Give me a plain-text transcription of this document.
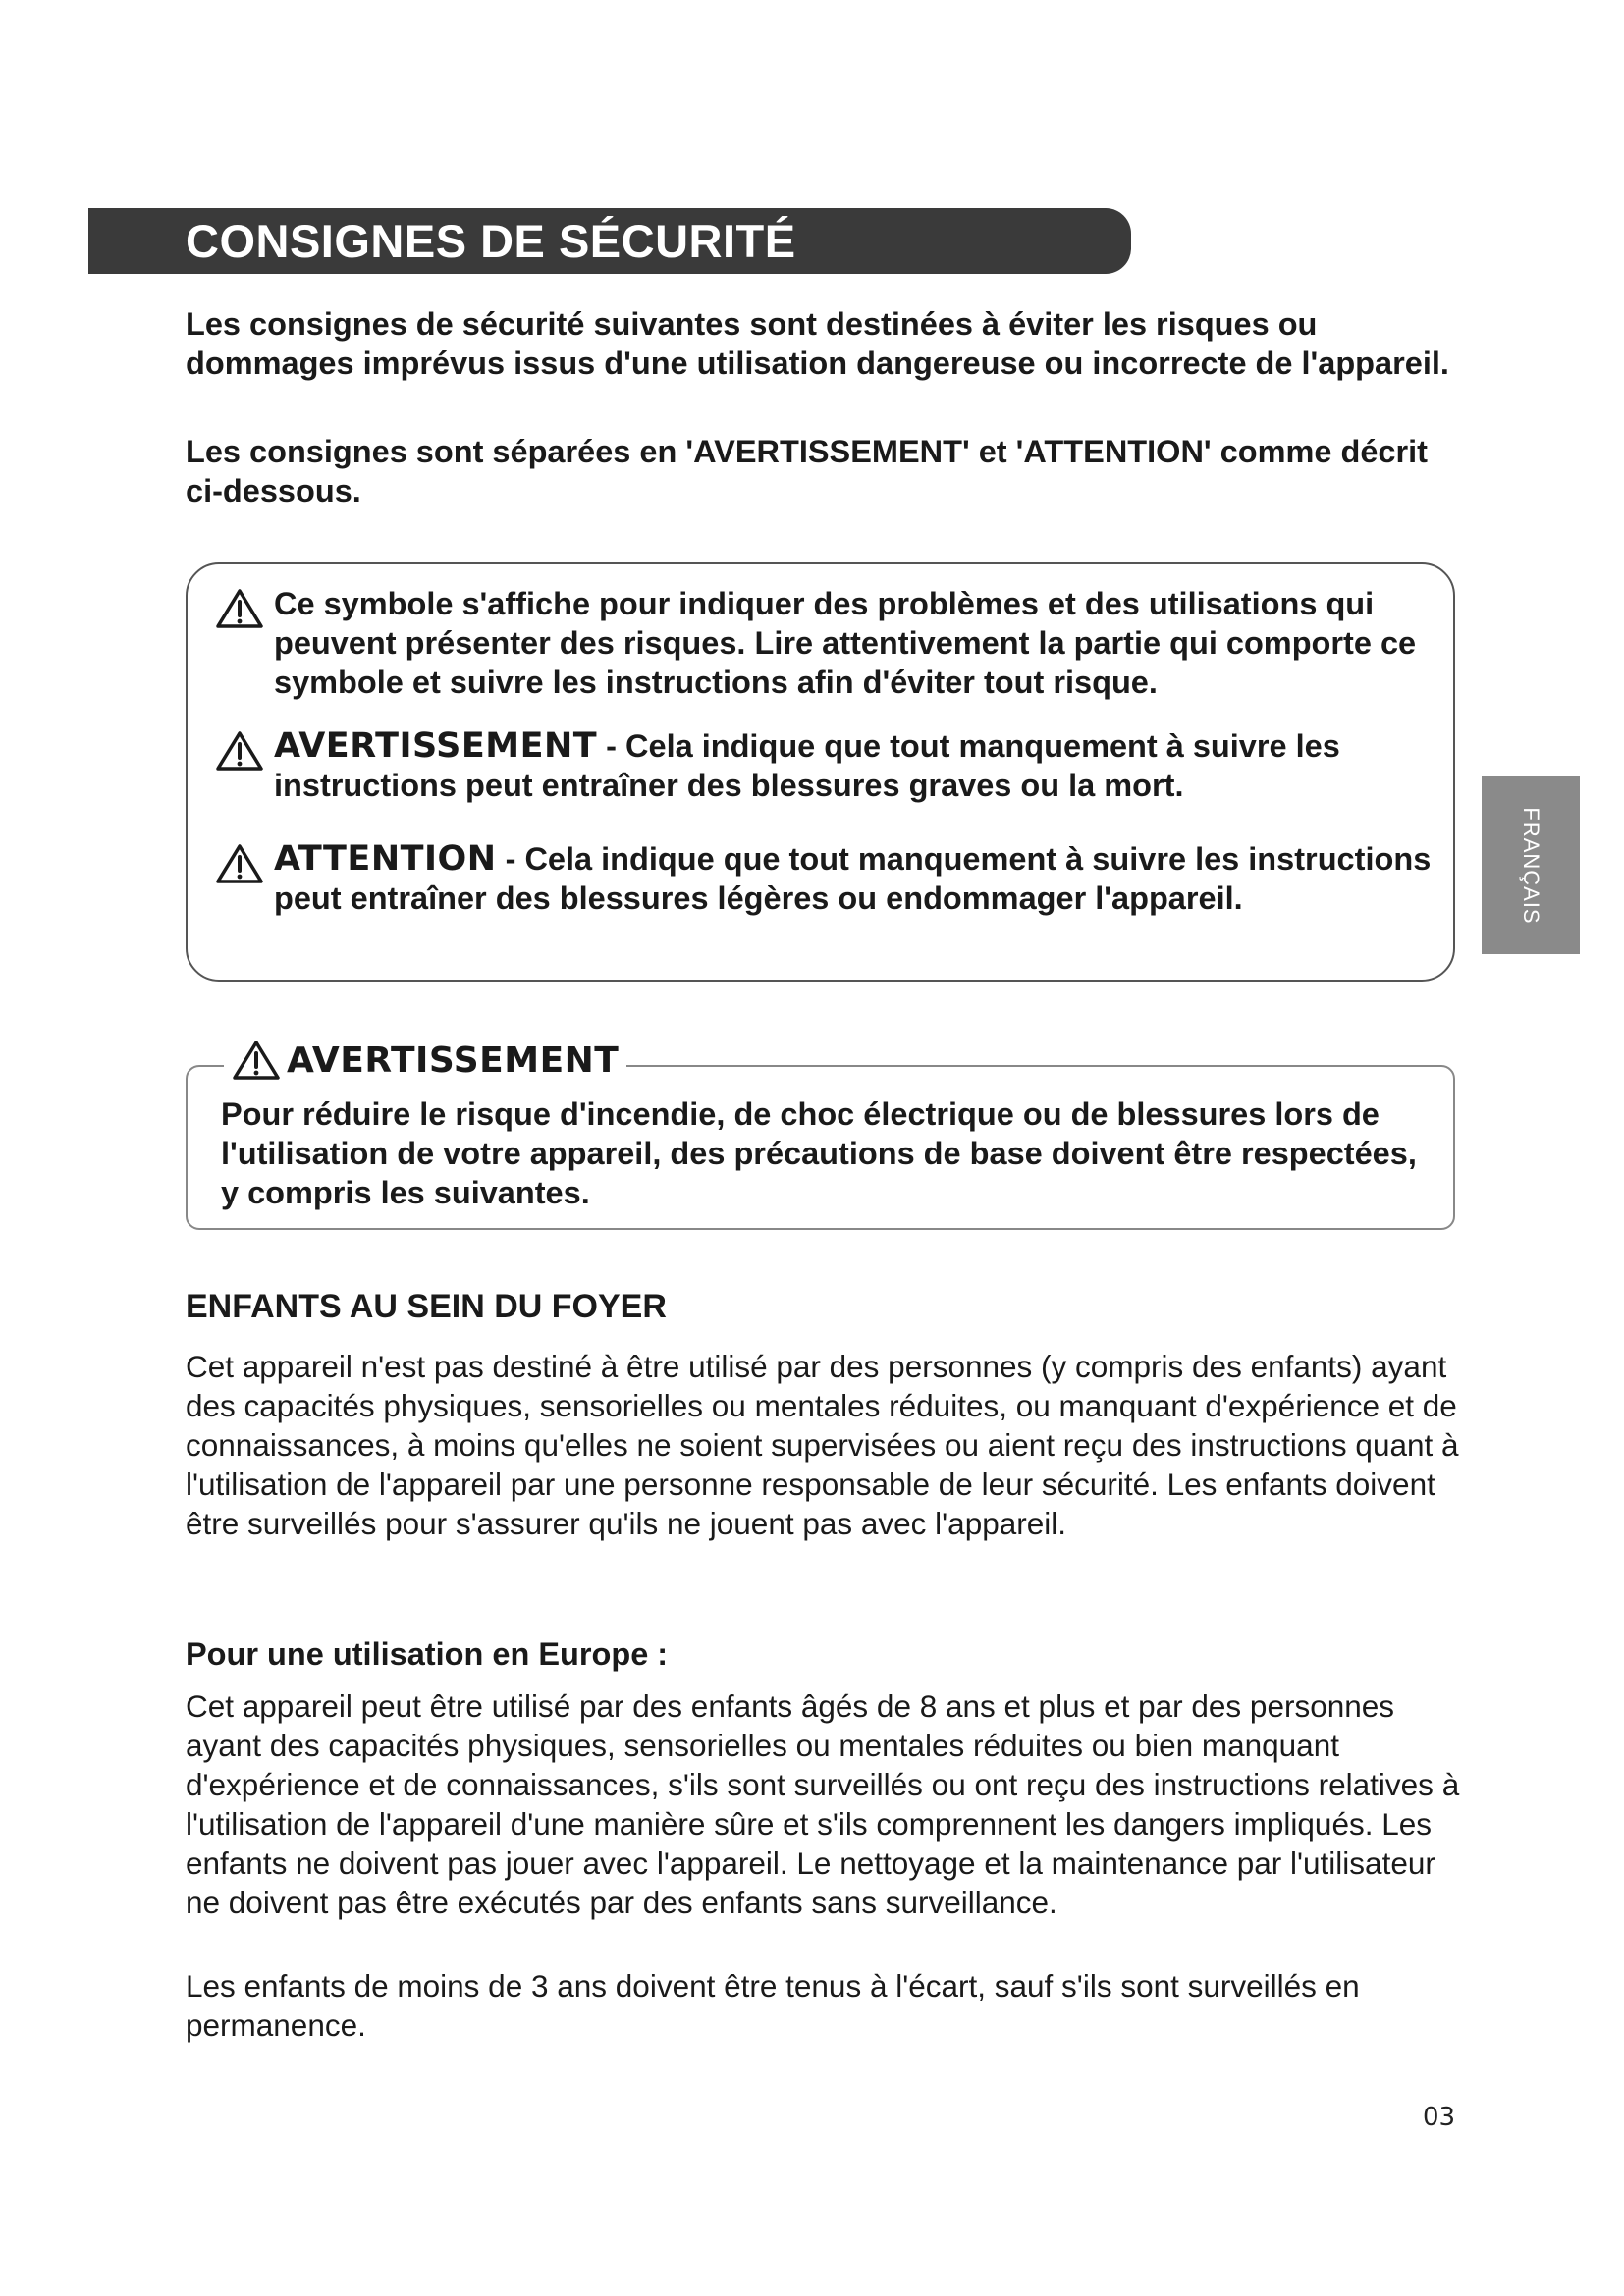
CONSIGNES DE SÉCURITÉ
Les consignes de sécurité suivantes sont destinées à éviter les risques ou dommages imprévus issus d'une utilisation dangereuse ou incorrecte de l'appareil.
Les consignes sont séparées en 'AVERTISSEMENT' et 'ATTENTION' comme décrit ci-dessous.
Ce symbole s'affiche pour indiquer des problèmes et des utilisations qui peuvent présenter des risques. Lire attentivement la partie qui comporte ce symbole et suivre les instructions afin d'éviter tout risque.
AVERTISSEMENT - Cela indique que tout manquement à suivre les instructions peut entraîner des blessures graves ou la mort.
ATTENTION - Cela indique que tout manquement à suivre les instructions peut entraîner des blessures légères ou endommager l'appareil.
AVERTISSEMENT
Pour réduire le risque d'incendie, de choc électrique ou de blessures lors de l'utilisation de votre appareil, des précautions de base doivent être respectées, y compris les suivantes.
ENFANTS AU SEIN DU FOYER
Cet appareil n'est pas destiné à être utilisé par des personnes (y compris des enfants) ayant des capacités physiques, sensorielles ou mentales réduites, ou manquant d'expérience et de connaissances, à moins qu'elles ne soient supervisées ou aient reçu des instructions quant à l'utilisation de l'appareil par une personne responsable de leur sécurité. Les enfants doivent être surveillés pour s'assurer qu'ils ne jouent pas avec l'appareil.
Pour une utilisation en Europe :
Cet appareil peut être utilisé par des enfants âgés de 8 ans et plus et par des personnes ayant des capacités physiques, sensorielles ou mentales réduites ou bien manquant d'expérience et de connaissances, s'ils sont surveillés ou ont reçu des instructions relatives à l'utilisation de l'appareil d'une manière sûre et s'ils comprennent les dangers impliqués. Les enfants ne doivent pas jouer avec l'appareil. Le nettoyage et la maintenance par l'utilisateur ne doivent pas être exécutés par des enfants sans surveillance.
Les enfants de moins de 3 ans doivent être tenus à l'écart, sauf s'ils sont surveillés en permanence.
FRANÇAIS
03
